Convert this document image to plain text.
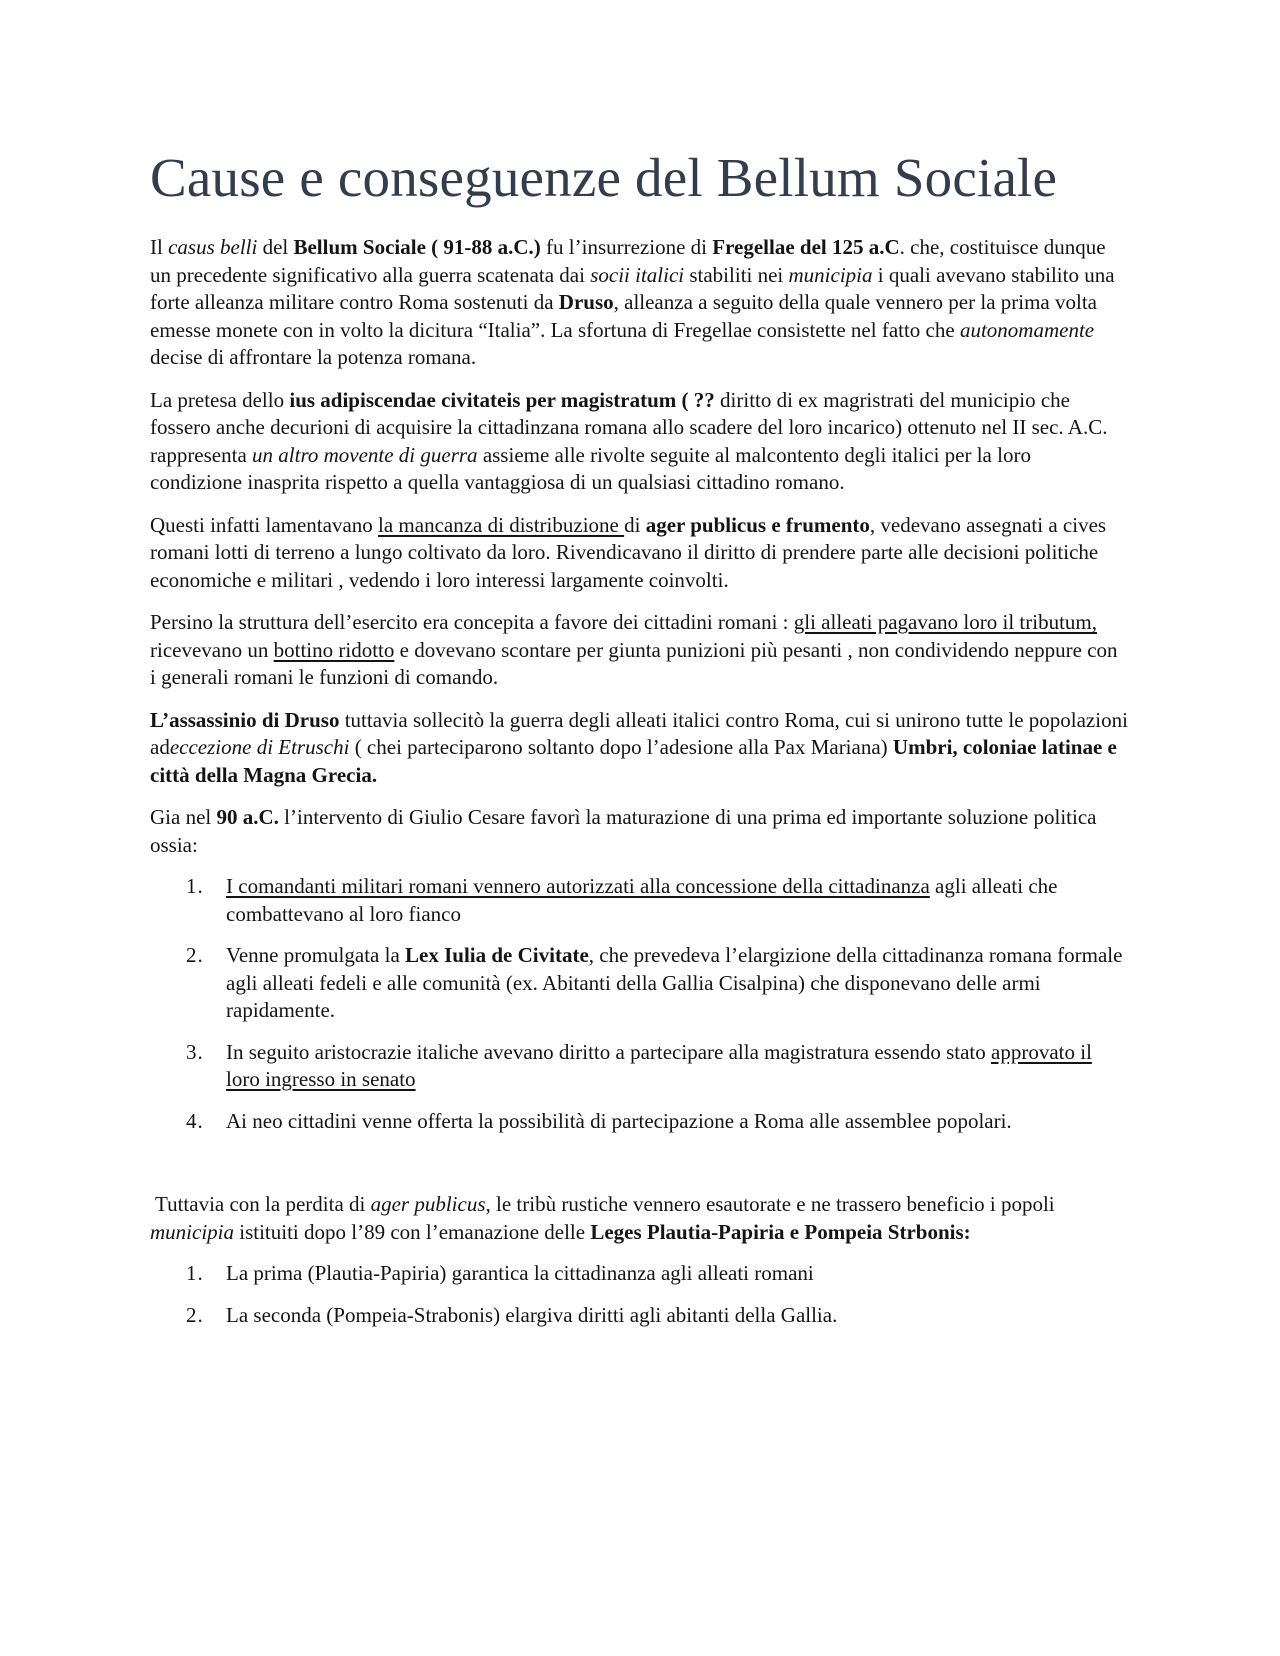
Cause e conseguenze del Bellum Sociale

Il casus belli del Bellum Sociale ( 91-88 a.C.) fu l’insurrezione di Fregellae del 125 a.C. che, costituisce dunque un precedente significativo alla guerra scatenata dai socii italici stabiliti nei municipia i quali avevano stabilito una forte alleanza militare contro Roma sostenuti da Druso, alleanza a seguito della quale vennero per la prima volta emesse monete con in volto la dicitura “Italia”. La sfortuna di Fregellae consistette nel fatto che autonomamente decise di affrontare la potenza romana.

La pretesa dello ius adipiscendae civitateis per magistratum ( ?? diritto di ex magristrati del municipio che fossero anche decurioni di acquisire la cittadinzana romana allo scadere del loro incarico) ottenuto nel II sec. A.C. rappresenta un altro movente di guerra assieme alle rivolte seguite al malcontento degli italici per la loro condizione inasprita rispetto a quella vantaggiosa di un qualsiasi cittadino romano.

Questi infatti lamentavano la mancanza di distribuzione di ager publicus e frumento, vedevano assegnati a cives romani lotti di terreno a lungo coltivato da loro. Rivendicavano il diritto di prendere parte alle decisioni politiche economiche e militari , vedendo i loro interessi largamente coinvolti.

Persino la struttura dell’esercito era concepita a favore dei cittadini romani : gli alleati pagavano loro il tributum, ricevevano un bottino ridotto e dovevano scontare per giunta punizioni più pesanti , non condividendo neppure con i generali romani le funzioni di comando.

L’assassinio di Druso tuttavia sollecitò la guerra degli alleati italici contro Roma, cui si unirono tutte le popolazioni adeccezione di Etruschi ( chei parteciparono soltanto dopo l’adesione alla Pax Mariana) Umbri, coloniae latinae e città della Magna Grecia.

Gia nel 90 a.C. l’intervento di Giulio Cesare favorì la maturazione di una prima ed importante soluzione politica ossia:

1. I comandanti militari romani vennero autorizzati alla concessione della cittadinanza agli alleati che combattevano al loro fianco
2. Venne promulgata la Lex Iulia de Civitate, che prevedeva l’elargizione della cittadinanza romana formale agli alleati fedeli e alle comunità (ex. Abitanti della Gallia Cisalpina) che disponevano delle armi rapidamente.
3. In seguito aristocrazie italiche avevano diritto a partecipare alla magistratura essendo stato approvato il loro ingresso in senato
4. Ai neo cittadini venne offerta la possibilità di partecipazione a Roma alle assemblee popolari.

Tuttavia con la perdita di ager publicus, le tribù rustiche vennero esautorate e ne trassero beneficio i popoli municipia istituiti dopo l’89 con l’emanazione delle Leges Plautia-Papiria e Pompeia Strbonis:

1. La prima (Plautia-Papiria) garantica la cittadinanza agli alleati romani
2. La seconda (Pompeia-Strabonis) elargiva diritti agli abitanti della Gallia.
